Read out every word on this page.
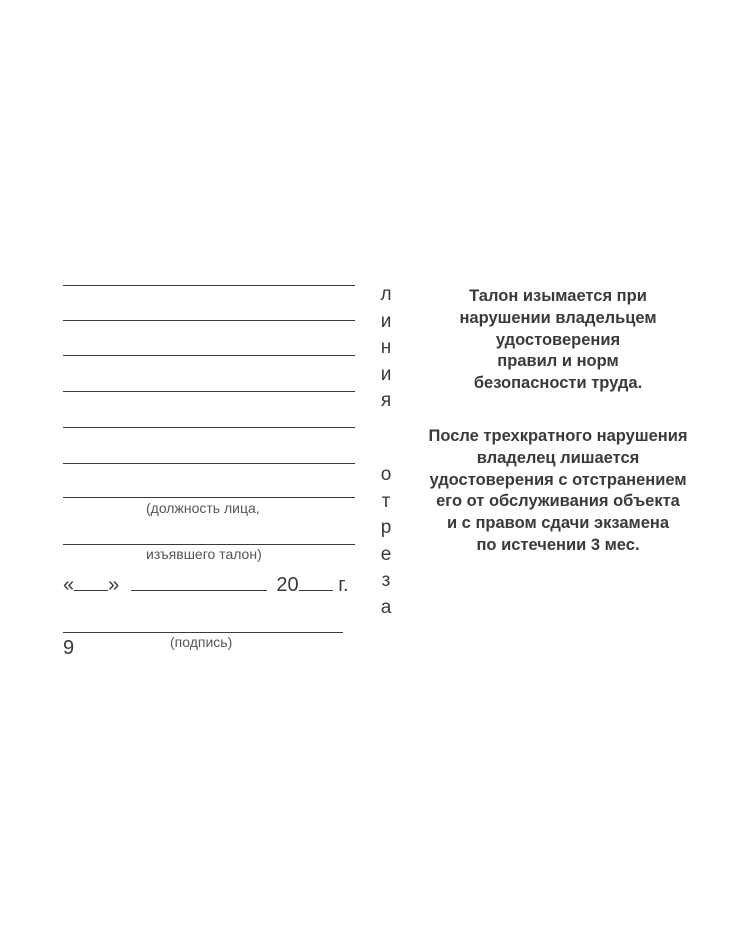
(должность лица,
изъявшего талон)
« »	20 г.
(подпись)
9
л
и
н
и
я
о
т
р
е
з
а
Талон изымается при
нарушении владельцем
удостоверения
правил и норм
безопасности труда.
После трехкратного нарушения
владелец лишается
удостоверения с отстранением
его от обслуживания объекта
и с правом сдачи экзамена
по истечении 3 мес.
